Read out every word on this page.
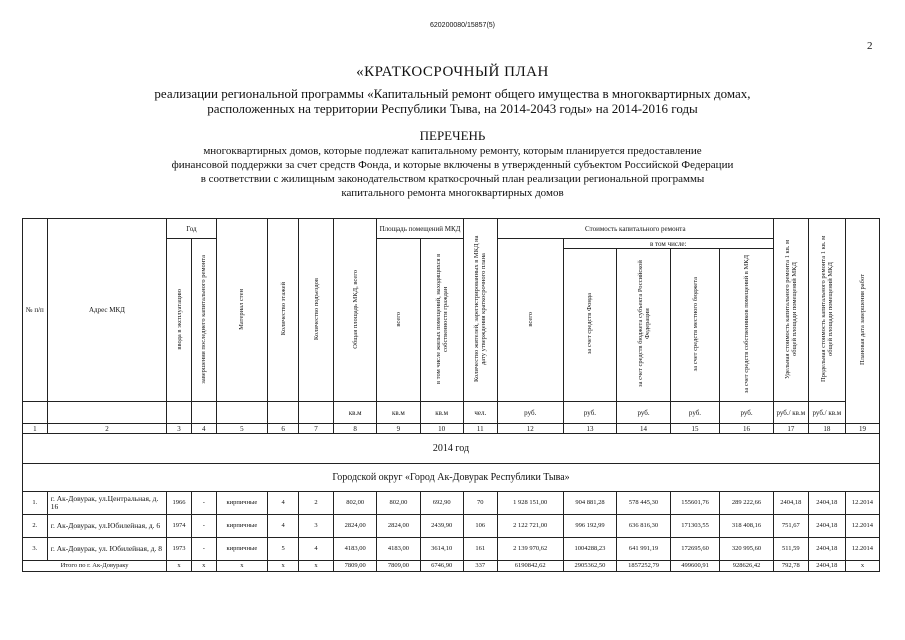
620200080/15857(5)
2
«КРАТКОСРОЧНЫЙ ПЛАН
реализации региональной программы «Капитальный ремонт общего имущества в многоквартирных домах,
расположенных на территории Республики Тыва, на 2014-2043 годы» на 2014-2016 годы
ПЕРЕЧЕНЬ
многоквартирных домов, которые подлежат капитальному ремонту, которым планируется предоставление
финансовой поддержки за счет средств Фонда, и которые включены в утвержденный субъектом Российской Федерации
в соответствии с жилищным законодательством краткосрочный план реализации региональной программы
капитального ремонта многоквартирных домов
№ п/п	Адрес МКД	Год		Материал стен	Количество этажей	Количество подъездов	Общая площадь МКД, всего	Площадь помещений МКД		Количество жителей, зарегистрированных в МКД на дату утверждения краткосрочного плана	Стоимость капитального ремонта					Удельная стоимость капитального ремонта 1 кв. м общей площади помещений МКД	Предельная стоимость капитального ремонта 1 кв. м общей площади помещений МКД	Плановая дата завершения работ
		ввода в эксплуатацию	завершения последнего капитального ремонта					всего	в том числе жилых помещений, находящихся в собственности граждан		всего	в том числе:						
												за счет средств Фонда	за счет средств бюджета субъекта Российской Федерации	за счет средств местного бюджета	за счет средств собственников помещений в МКД			
							кв.м	кв.м	кв.м	чел.	руб.	руб.	руб.	руб.	руб.	руб./ кв.м	руб./ кв.м	
1	2	3	4	5	6	7	8	9	10	11	12	13	14	15	16	17	18	19
2014 год																		
Городской округ «Город Ак-Довурак Республики Тыва»																		
1.	г. Ак-Довурак, ул.Центральная, д. 16	1966	-	кирпичные	4	2	802,00	802,00	692,90	70	1 928 151,00	904 881,28	578 445,30	155601,76	289 222,66	2404,18	2404,18	12.2014
2.	г. Ак-Довурак, ул.Юбилейная, д. 6	1974	-	кирпичные	4	3	2824,00	2824,00	2439,90	106	2 122 721,00	996 192,99	636 816,30	171303,55	318 408,16	751,67	2404,18	12.2014
3.	г. Ак-Довурак, ул. Юбилейная, д. 8	1973	-	кирпичные	5	4	4183,00	4183,00	3614,10	161	2 139 970,62	1004288,23	641 991,19	172695,60	320 995,60	511,59	2404,18	12.2014
Итого по г. Ак-Довураку		х	х	х	х	х	7809,00	7809,00	6746,90	337	6190842,62	2905362,50	1857252,79	499600,91	928626,42	792,78	2404,18	х
